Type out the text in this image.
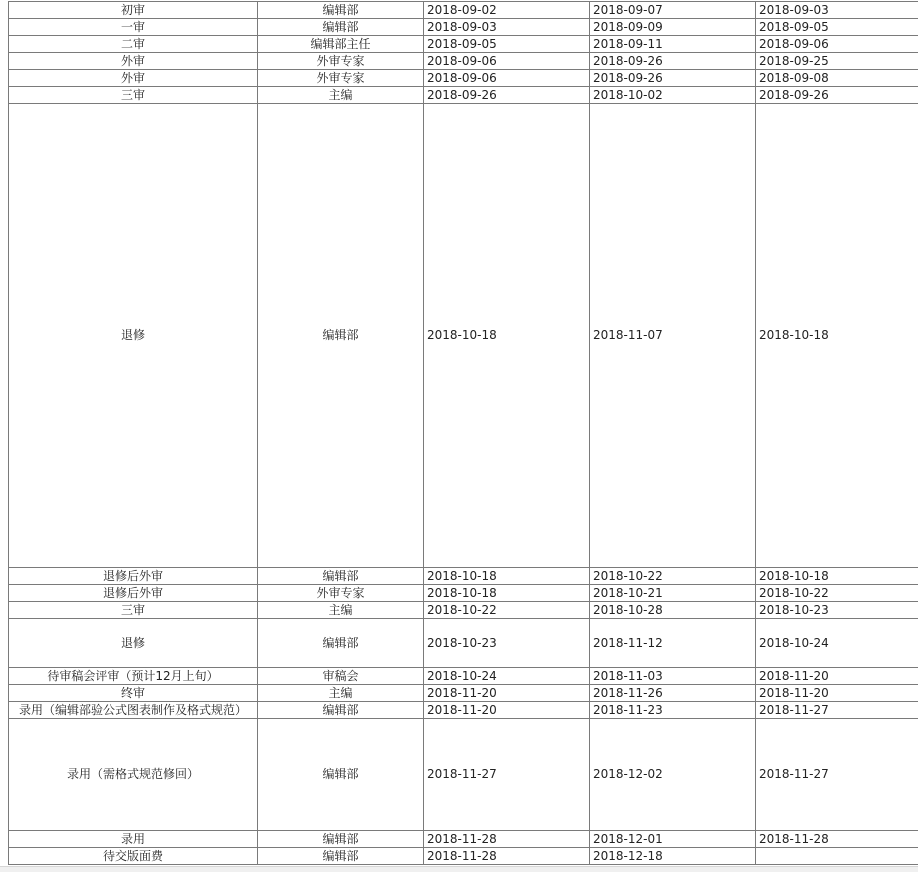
初审	编辑部	2018-09-02	2018-09-07	2018-09-03
一审	编辑部	2018-09-03	2018-09-09	2018-09-05
二审	编辑部主任	2018-09-05	2018-09-11	2018-09-06
外审	外审专家	2018-09-06	2018-09-26	2018-09-25
外审	外审专家	2018-09-06	2018-09-26	2018-09-08
三审	主编	2018-09-26	2018-10-02	2018-09-26
退修	编辑部	2018-10-18	2018-11-07	2018-10-18
退修后外审	编辑部	2018-10-18	2018-10-22	2018-10-18
退修后外审	外审专家	2018-10-18	2018-10-21	2018-10-22
三审	主编	2018-10-22	2018-10-28	2018-10-23
退修	编辑部	2018-10-23	2018-11-12	2018-10-24
待审稿会评审（预计12月上旬）	审稿会	2018-10-24	2018-11-03	2018-11-20
终审	主编	2018-11-20	2018-11-26	2018-11-20
录用（编辑部验公式图表制作及格式规范）	编辑部	2018-11-20	2018-11-23	2018-11-27
录用（需格式规范修回）	编辑部	2018-11-27	2018-12-02	2018-11-27
录用	编辑部	2018-11-28	2018-12-01	2018-11-28
待交版面费	编辑部	2018-11-28	2018-12-18	
